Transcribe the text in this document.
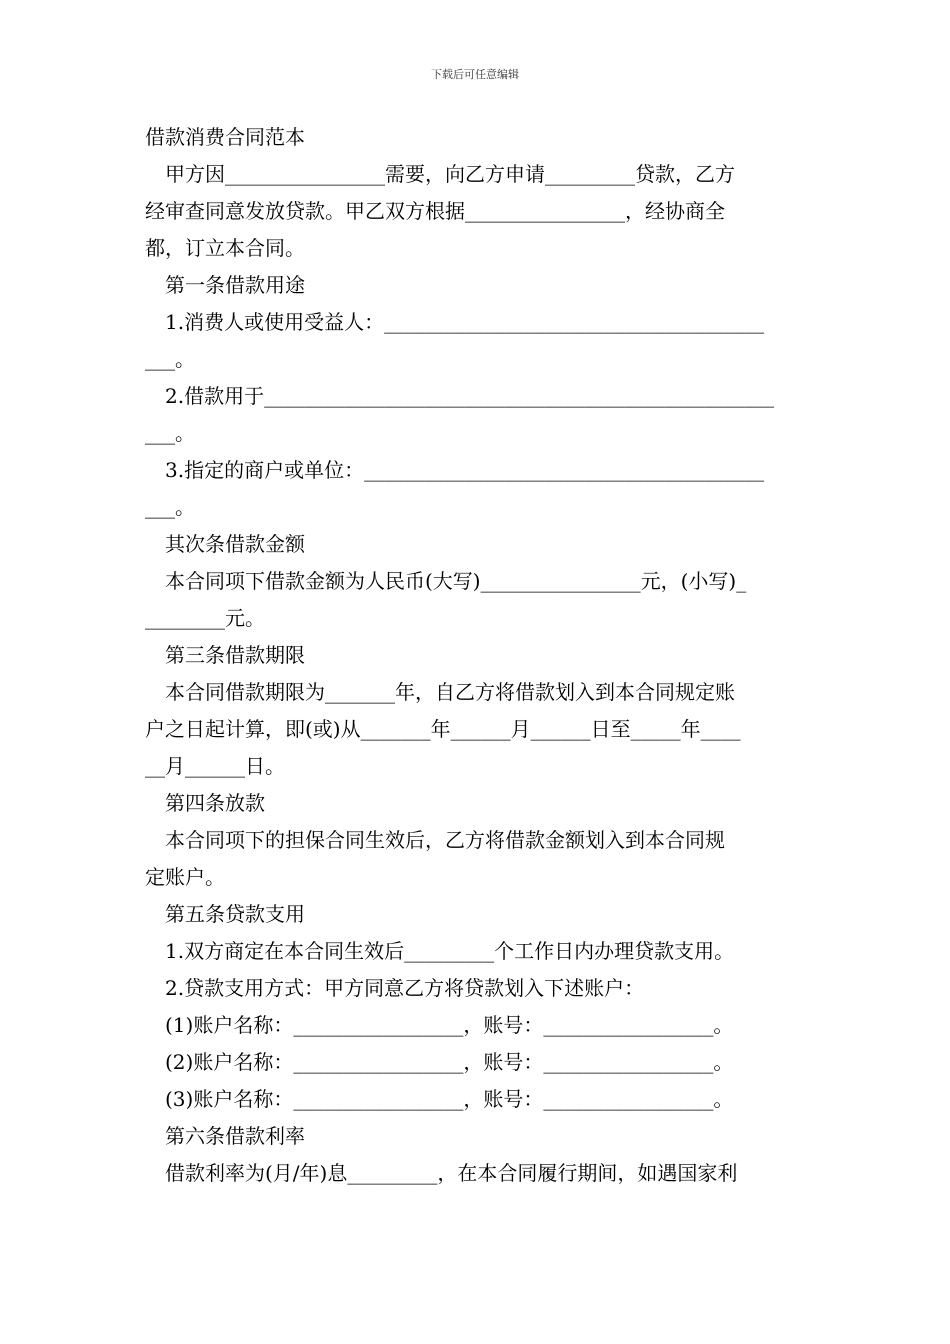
下载后可任意编辑
借款消费合同范本
甲方因________________需要，向乙方申请_________贷款，乙方
经审查同意发放贷款。甲乙双方根据________________，经协商全
都，订立本合同。
第一条借款用途
1.消费人或使用受益人：______________________________________
___。
2.借款用于___________________________________________________
___。
3.指定的商户或单位：________________________________________
___。
其次条借款金额
本合同项下借款金额为人民币(大写)________________元，(小写)_
________元。
第三条借款期限
本合同借款期限为_______年，自乙方将借款划入到本合同规定账
户之日起计算，即(或)从_______年______月______日至_____年____
__月______日。
第四条放款
本合同项下的担保合同生效后，乙方将借款金额划入到本合同规
定账户。
第五条贷款支用
1.双方商定在本合同生效后_________个工作日内办理贷款支用。
2.贷款支用方式：甲方同意乙方将贷款划入下述账户：
(1)账户名称：_________________，账号：_________________。
(2)账户名称：_________________，账号：_________________。
(3)账户名称：_________________，账号：_________________。
第六条借款利率
借款利率为(月/年)息_________，在本合同履行期间，如遇国家利
